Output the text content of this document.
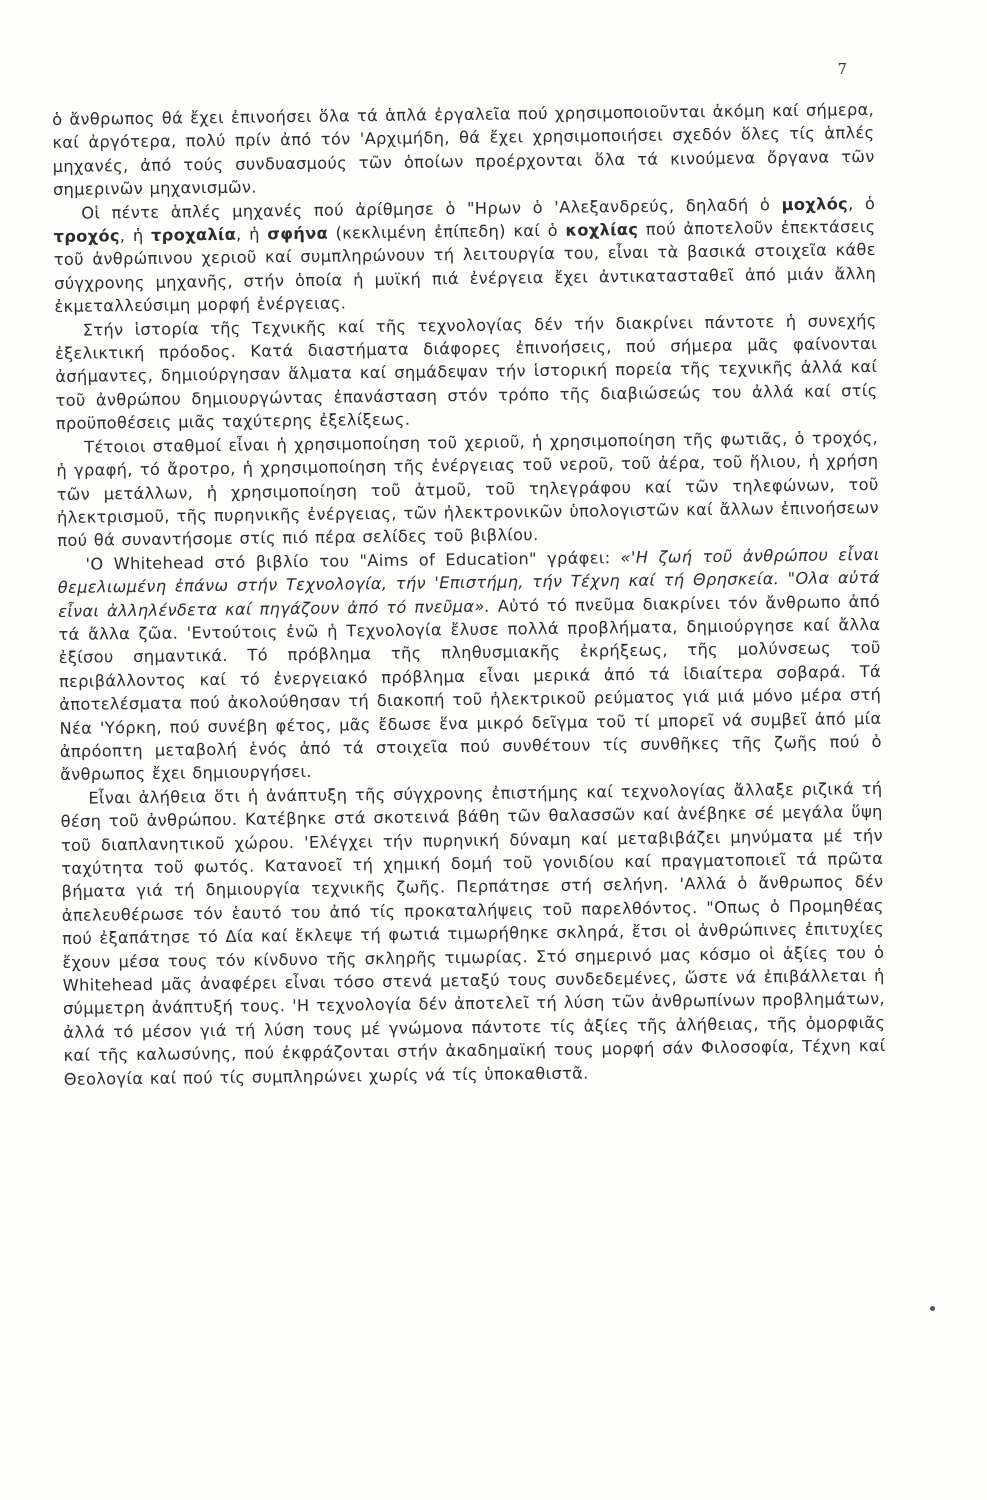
7

ὁ ἄνθρωπος θά ἔχει ἐπινοήσει ὅλα τά ἁπλά ἐργαλεῖα πού χρησιμοποιοῦνται ἀκόμη καί σήμερα, καί ἀργότερα, πολύ πρίν ἀπό τόν 'Αρχιμήδη, θά ἔχει χρησιμοποιήσει σχεδόν ὅλες τίς ἁπλές μηχανές, ἀπό τούς συνδυασμούς τῶν ὁποίων προέρχονται ὅλα τά κινούμενα ὄργανα τῶν σημερινῶν μηχανισμῶν.

Οἱ πέντε ἁπλές μηχανές πού ἀρίθμησε ὁ "Ηρων ὁ 'Αλεξανδρεύς, δηλαδή ὁ μοχλός, ὁ τροχός, ἡ τροχαλία, ἡ σφήνα (κεκλιμένη ἐπίπεδη) καί ὁ κοχλίας πού ἀποτελοῦν ἐπεκτάσεις τοῦ ἀνθρώπινου χεριοῦ καί συμπληρώνουν τή λειτουργία του, εἶναι τὰ βασικά στοιχεῖα κάθε σύγχρονης μηχανῆς, στήν ὁποία ἡ μυϊκή πιά ἐνέργεια ἔχει ἀντικατασταθεῖ ἀπό μιάν ἄλλη ἐκμεταλλεύσιμη μορφή ἐνέργειας.

Στήν ἱστορία τῆς Τεχνικῆς καί τῆς τεχνολογίας δέν τήν διακρίνει πάντοτε ἡ συνεχής ἐξελικτική πρόοδος. Κατά διαστήματα διάφορες ἐπινοήσεις, πού σήμερα μᾶς φαίνονται ἀσήμαντες, δημιούργησαν ἅλματα καί σημάδεψαν τήν ἱστορική πορεία τῆς τεχνικῆς ἀλλά καί τοῦ ἀνθρώπου δημιουργώντας ἐπανάσταση στόν τρόπο τῆς διαβιώσεώς του ἀλλά καί στίς προϋποθέσεις μιᾶς ταχύτερης ἐξελίξεως.

Τέτοιοι σταθμοί εἶναι ἡ χρησιμοποίηση τοῦ χεριοῦ, ἡ χρησιμοποίηση τῆς φωτιᾶς, ὁ τροχός, ἡ γραφή, τό ἄροτρο, ἡ χρησιμοποίηση τῆς ἐνέργειας τοῦ νεροῦ, τοῦ ἀέρα, τοῦ ἥλιου, ἡ χρήση τῶν μετάλλων, ἡ χρησιμοποίηση τοῦ ἀτμοῦ, τοῦ τηλεγράφου καί τῶν τηλεφώνων, τοῦ ἠλεκτρισμοῦ, τῆς πυρηνικῆς ἐνέργειας, τῶν ἠλεκτρονικῶν ὑπολογιστῶν καί ἄλλων ἐπινοήσεων πού θά συναντήσομε στίς πιό πέρα σελίδες τοῦ βιβλίου.

'Ο Whitehead στό βιβλίο του "Aims of Education" γράφει: «'Η ζωή τοῦ ἀνθρώπου εἶναι θεμελιωμένη ἐπάνω στήν Τεχνολογία, τήν 'Επιστήμη, τήν Τέχνη καί τή Θρησκεία. "Ολα αὐτά εἶναι ἀλληλένδετα καί πηγάζουν ἀπό τό πνεῦμα». Αὐτό τό πνεῦμα διακρίνει τόν ἄνθρωπο ἀπό τά ἄλλα ζῶα. 'Εντούτοις ἐνῶ ἡ Τεχνολογία ἔλυσε πολλά προβλήματα, δημιούργησε καί ἄλλα ἐξίσου σημαντικά. Τό πρόβλημα τῆς πληθυσμιακῆς ἐκρήξεως, τῆς μολύνσεως τοῦ περιβάλλοντος καί τό ἐνεργειακό πρόβλημα εἶναι μερικά ἀπό τά ἰδιαίτερα σοβαρά. Τά ἀποτελέσματα πού ἀκολούθησαν τή διακοπή τοῦ ἠλεκτρικοῦ ρεύματος γιά μιά μόνο μέρα στή Νέα 'Υόρκη, πού συνέβη φέτος, μᾶς ἔδωσε ἕνα μικρό δεῖγμα τοῦ τί μπορεῖ νά συμβεῖ ἀπό μία ἀπρόοπτη μεταβολή ἑνός ἀπό τά στοιχεῖα πού συνθέτουν τίς συνθῆκες τῆς ζωῆς πού ὁ ἄνθρωπος ἔχει δημιουργήσει.

Εἶναι ἀλήθεια ὅτι ἡ ἀνάπτυξη τῆς σύγχρονης ἐπιστήμης καί τεχνολογίας ἄλλαξε ριζικά τή θέση τοῦ ἀνθρώπου. Κατέβηκε στά σκοτεινά βάθη τῶν θαλασσῶν καί ἀνέβηκε σέ μεγάλα ὕψη τοῦ διαπλανητικοῦ χώρου. 'Ελέγχει τήν πυρηνική δύναμη καί μεταβιβάζει μηνύματα μέ τήν ταχύτητα τοῦ φωτός. Κατανοεῖ τή χημική δομή τοῦ γονιδίου καί πραγματοποιεῖ τά πρῶτα βήματα γιά τή δημιουργία τεχνικῆς ζωῆς. Περπάτησε στή σελήνη. 'Αλλά ὁ ἄνθρωπος δέν ἀπελευθέρωσε τόν ἑαυτό του ἀπό τίς προκαταλήψεις τοῦ παρελθόντος. "Οπως ὁ Προμηθέας πού ἐξαπάτησε τό Δία καί ἔκλεψε τή φωτιά τιμωρήθηκε σκληρά, ἔτσι οἱ ἀνθρώπινες ἐπιτυχίες ἔχουν μέσα τους τόν κίνδυνο τῆς σκληρῆς τιμωρίας. Στό σημερινό μας κόσμο οἱ ἀξίες του ὁ Whitehead μᾶς ἀναφέρει εἶναι τόσο στενά μεταξύ τους συνδεδεμένες, ὥστε νά ἐπιβάλλεται ἡ σύμμετρη ἀνάπτυξή τους. 'Η τεχνολογία δέν ἀποτελεῖ τή λύση τῶν ἀνθρωπίνων προβλημάτων, ἀλλά τό μέσον γιά τή λύση τους μέ γνώμονα πάντοτε τίς ἀξίες τῆς ἀλήθειας, τῆς ὀμορφιᾶς καί τῆς καλωσύνης, πού ἐκφράζονται στήν ἀκαδημαϊκή τους μορφή σάν Φιλοσοφία, Τέχνη καί Θεολογία καί πού τίς συμπληρώνει χωρίς νά τίς ὑποκαθιστᾶ.
